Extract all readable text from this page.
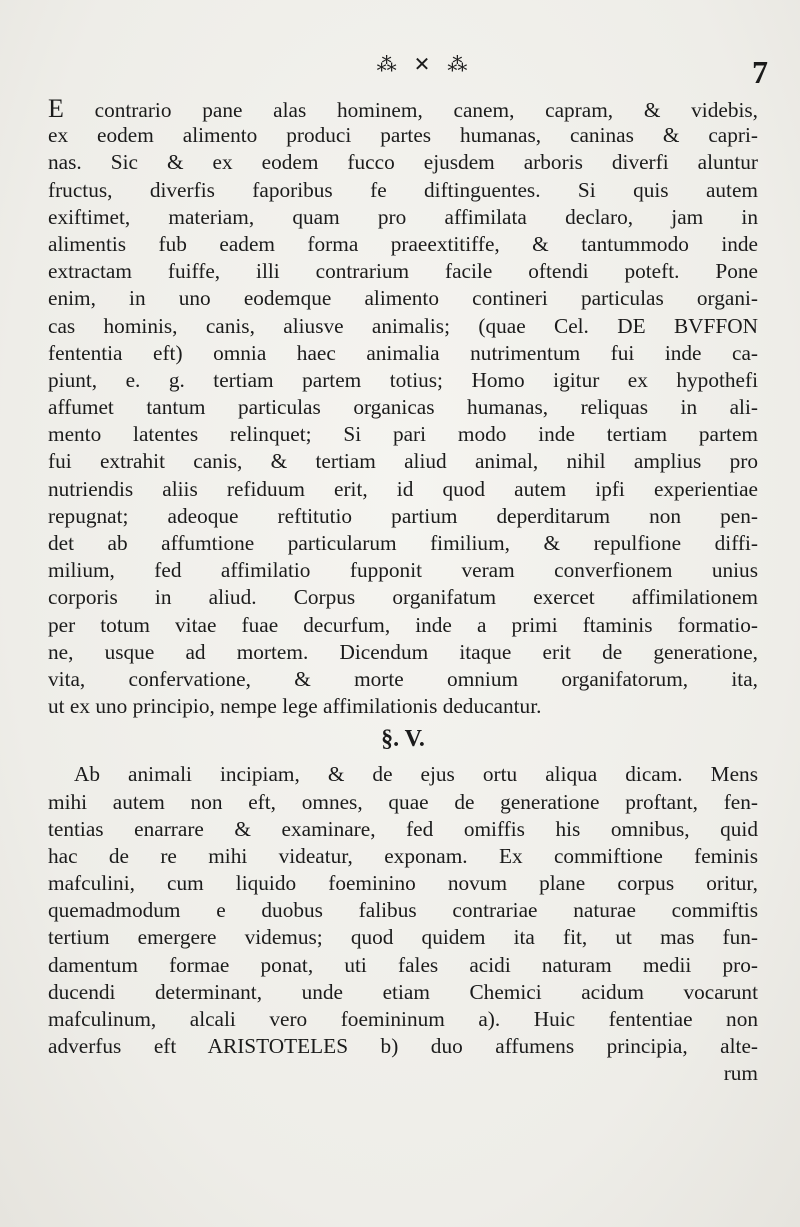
⁂ ✕ ⁂	7
E contrario pane alas hominem, canem, capram, & videbis,
ex eodem alimento produci partes humanas, caninas & capri-
nas. Sic & ex eodem fucco ejusdem arboris diverfi aluntur
fructus, diverfis faporibus fe diftinguentes. Si quis autem
exiftimet, materiam, quam pro affimilata declaro, jam in
alimentis fub eadem forma praeextitiffe, & tantummodo inde
extractam fuiffe, illi contrarium facile oftendi poteft. Pone
enim, in uno eodemque alimento contineri particulas organi-
cas hominis, canis, aliusve animalis; (quae Cel. DE BVFFON
fententia eft) omnia haec animalia nutrimentum fui inde ca-
piunt, e. g. tertiam partem totius; Homo igitur ex hypothefi
affumet tantum particulas organicas humanas, reliquas in ali-
mento latentes relinquet; Si pari modo inde tertiam partem
fui extrahit canis, & tertiam aliud animal, nihil amplius pro
nutriendis aliis refiduum erit, id quod autem ipfi experientiae
repugnat; adeoque reftitutio partium deperditarum non pen-
det ab affumtione particularum fimilium, & repulfione diffi-
milium, fed affimilatio fupponit veram converfionem unius
corporis in aliud. Corpus organifatum exercet affimilationem
per totum vitae fuae decurfum, inde a primi ftaminis formatio-
ne, usque ad mortem. Dicendum itaque erit de generatione,
vita, confervatione, & morte omnium organifatorum, ita,
ut ex uno principio, nempe lege affimilationis deducantur.
§. V.
Ab animali incipiam, & de ejus ortu aliqua dicam. Mens
mihi autem non eft, omnes, quae de generatione proftant, fen-
tentias enarrare & examinare, fed omiffis his omnibus, quid
hac de re mihi videatur, exponam. Ex commiftione feminis
mafculini, cum liquido foeminino novum plane corpus oritur,
quemadmodum e duobus falibus contrariae naturae commiftis
tertium emergere videmus; quod quidem ita fit, ut mas fun-
damentum formae ponat, uti fales acidi naturam medii pro-
ducendi determinant, unde etiam Chemici acidum vocarunt
mafculinum, alcali vero foemininum a). Huic fententiae non
adverfus eft ARISTOTELES b) duo affumens principia, alte-
rum
